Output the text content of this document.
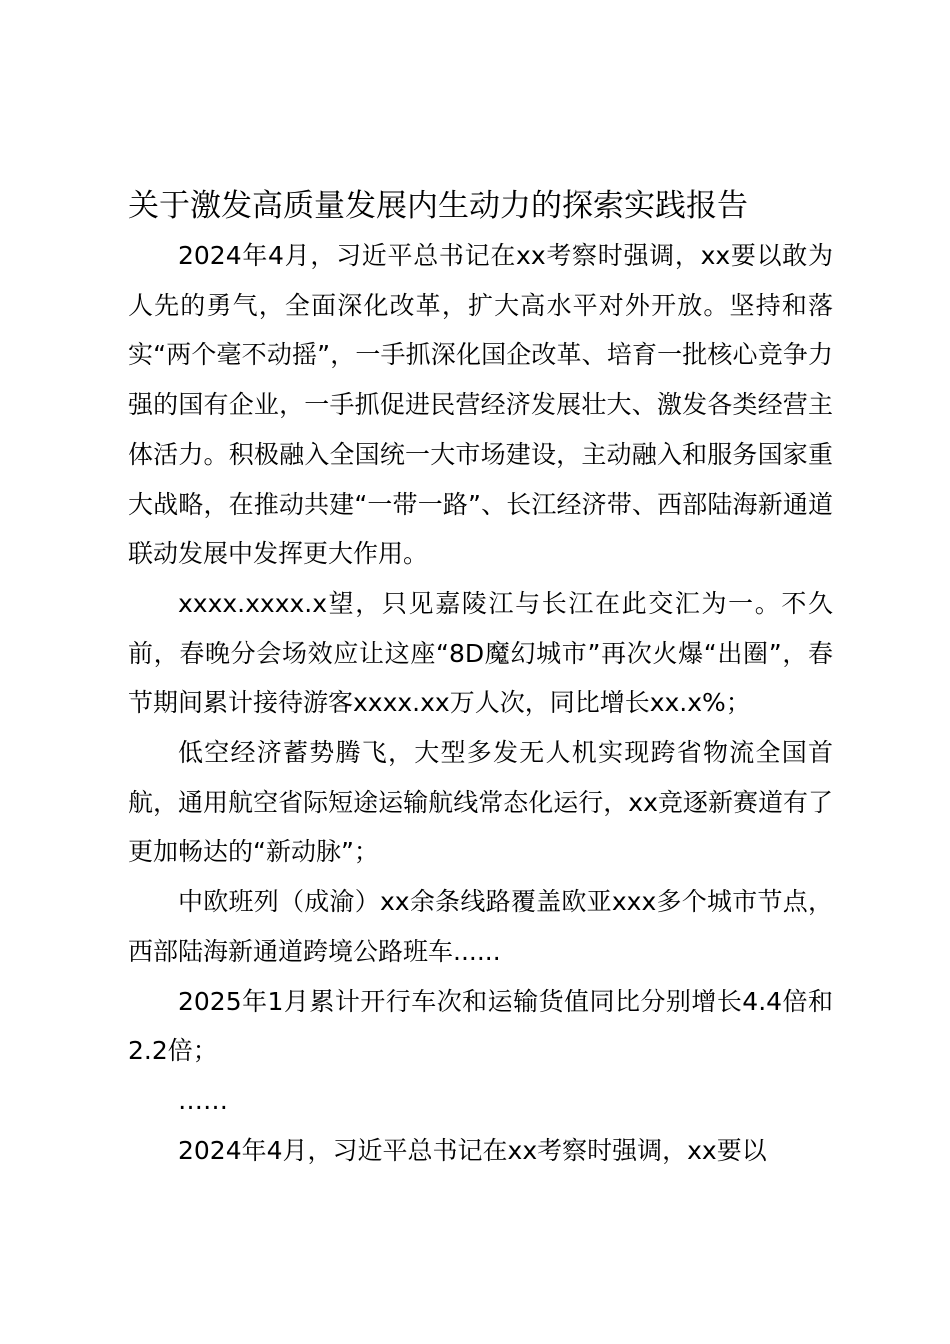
关于激发高质量发展内生动力的探索实践报告

2024年4月，习近平总书记在xx考察时强调，xx要以敢为人先的勇气，全面深化改革，扩大高水平对外开放。坚持和落实“两个毫不动摇”，一手抓深化国企改革、培育一批核心竞争力强的国有企业，一手抓促进民营经济发展壮大、激发各类经营主体活力。积极融入全国统一大市场建设，主动融入和服务国家重大战略，在推动共建“一带一路”、长江经济带、西部陆海新通道联动发展中发挥更大作用。

xxxx.xxxx.x望，只见嘉陵江与长江在此交汇为一。不久前，春晚分会场效应让这座“8D魔幻城市”再次火爆“出圈”，春节期间累计接待游客xxxx.xx万人次，同比增长xx.x%；

低空经济蓄势腾飞，大型多发无人机实现跨省物流全国首航，通用航空省际短途运输航线常态化运行，xx竞逐新赛道有了更加畅达的“新动脉”；

中欧班列（成渝）xx余条线路覆盖欧亚xxx多个城市节点，西部陆海新通道跨境公路班车......

2025年1月累计开行车次和运输货值同比分别增长4.4倍和2.2倍；

……

2024年4月，习近平总书记在xx考察时强调，xx要以
